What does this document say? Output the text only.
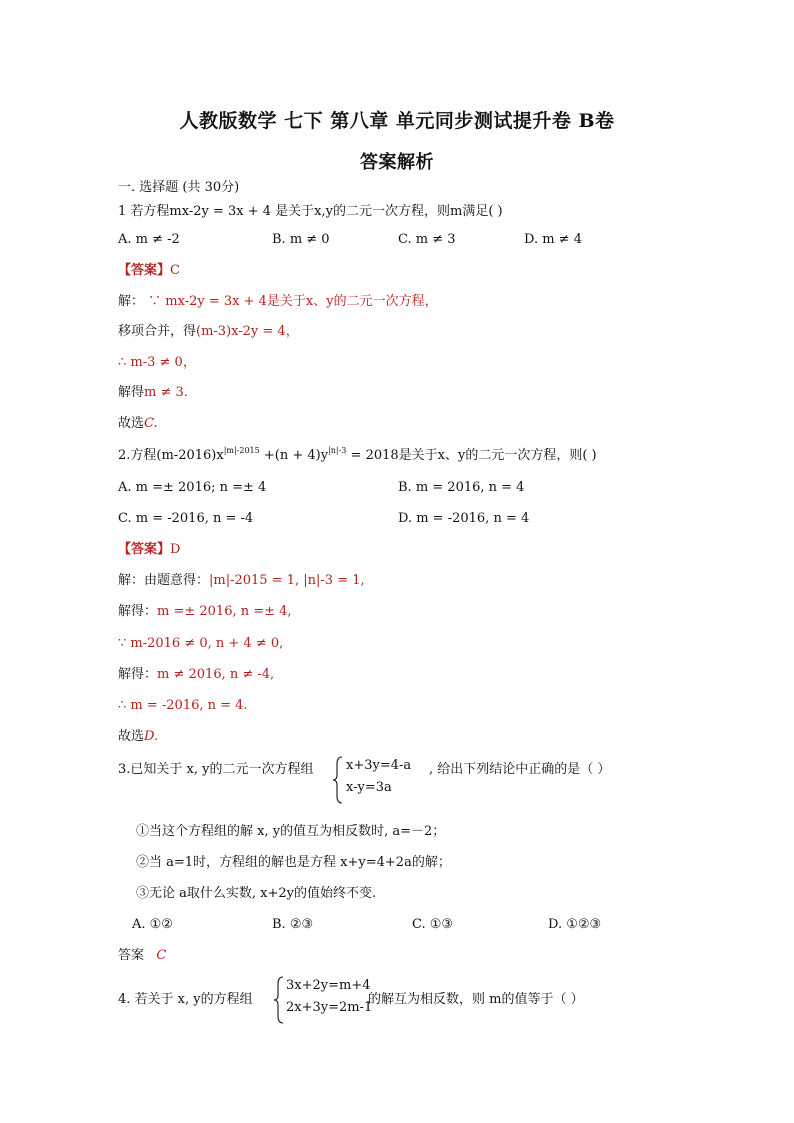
人教版数学 七下 第八章 单元同步测试提升卷 B卷
答案解析
一. 选择题 (共 30分)
1 若方程mx-2y = 3x + 4 是关于x,y的二元一次方程，则m满足( )
A. m ≠ -2	B. m ≠ 0	C. m ≠ 3	D. m ≠ 4
【答案】C
解： ∵ mx-2y = 3x + 4是关于x、y的二元一次方程，
移项合并，得(m-3)x-2y = 4，
∴ m-3 ≠ 0，
解得m ≠ 3.
故选C.
2.方程$(m-2016)x^{|m|-2015} +(n + 4)y^{|n|-3} = 2018$是关于x、y的二元一次方程，则( )
A. m =± 2016; n =± 4	B. m = 2016, n = 4
C. m = -2016, n = -4	D. m = -2016, n = 4
【答案】D
解：由题意得：|m|-2015 = 1, |n|-3 = 1,
解得：m =± 2016, n =± 4,
∵ m-2016 ≠ 0, n + 4 ≠ 0,
解得：m ≠ 2016, n ≠ -4,
∴ m = -2016, n = 4.
故选D.
3.已知关于 x, y的二元一次方程组	x+3y=4-a
x-y=3a
, 给出下列结论中正确的是（ ）
①当这个方程组的解 x, y的值互为相反数时, a=－2；
②当 a=1时，方程组的解也是方程 x+y=4+2a的解；
③无论 a取什么实数, x+2y的值始终不变.
A. ①②	B. ②③	C. ①③	D. ①②③
答案 C
4. 若关于 x, y的方程组
3x+2y=m+4
2x+3y=2m-1
的解互为相反数，则 m的值等于（ ）
